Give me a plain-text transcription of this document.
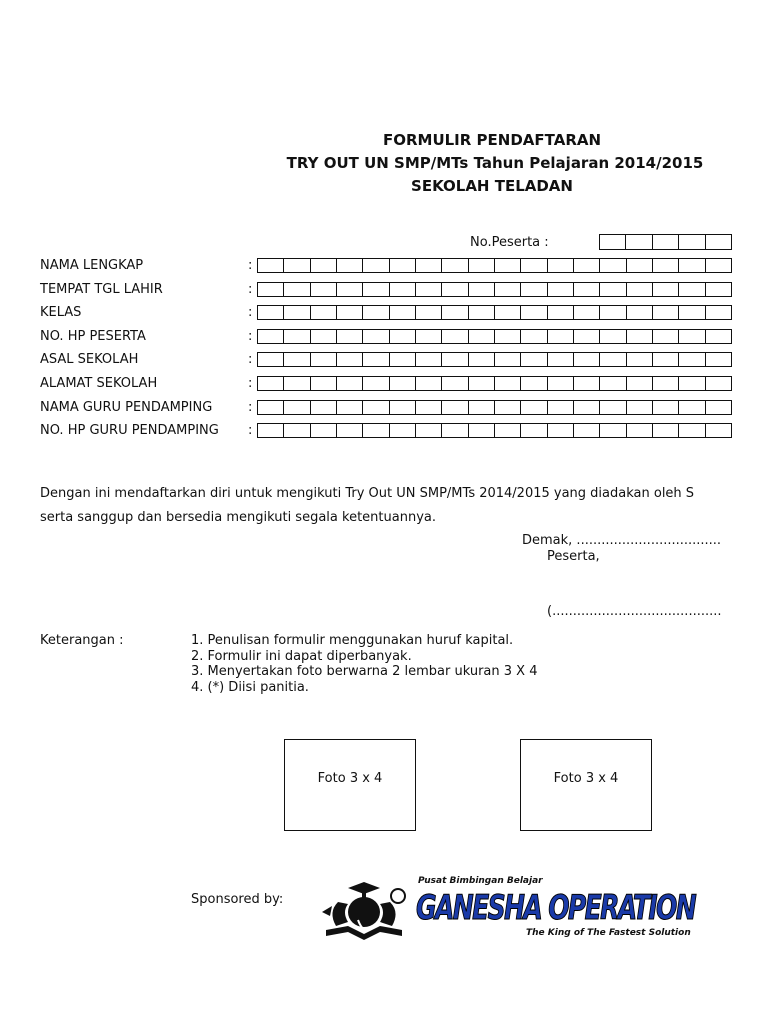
FORMULIR PENDAFTARAN
TRY OUT UN SMP/MTs Tahun Pelajaran 2014/2015
SEKOLAH TELADAN
No.Peserta :
NAMA LENGKAP	:
TEMPAT TGL LAHIR	:
KELAS	:
NO. HP PESERTA	:
ASAL SEKOLAH	:
ALAMAT SEKOLAH	:
NAMA GURU PENDAMPING	:
NO. HP GURU PENDAMPING :
Dengan ini mendaftarkan diri untuk mengikuti Try Out UN SMP/MTs 2014/2015 yang diadakan oleh S
serta sanggup dan bersedia mengikuti segala ketentuannya.
Demak, ...................................
Peserta,
(.........................................
Keterangan :	1. Penulisan formulir menggunakan huruf kapital.
2. Formulir ini dapat diperbanyak.
3. Menyertakan foto berwarna 2 lembar ukuran 3 X 4
4. (*) Diisi panitia.
Foto 3 x 4	Foto 3 x 4
Sponsored by:
Pusat Bimbingan Belajar
GANESHA OPERATION
The King of The Fastest Solution
